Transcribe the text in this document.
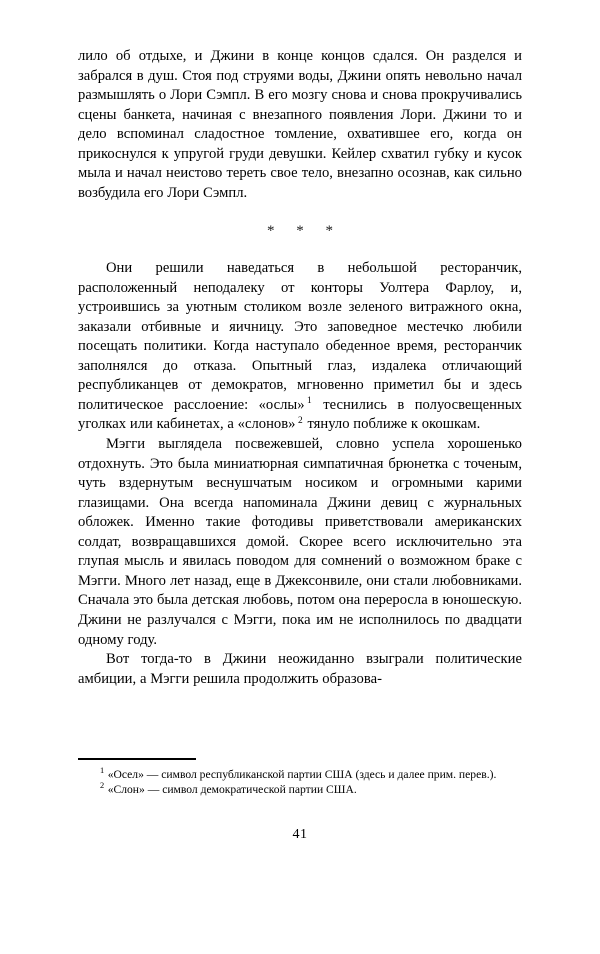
лило об отдыхе, и Джини в конце концов сдался. Он разделся и забрался в душ. Стоя под струями воды, Джини опять невольно начал размышлять о Лори Сэмпл. В его мозгу снова и снова прокручивались сцены банкета, начиная с внезапного появления Лори. Джини то и дело вспоминал сладостное томление, охватившее его, когда он прикоснулся к упругой груди девушки. Кейлер схватил губку и кусок мыла и начал неистово тереть свое тело, внезапно осознав, как сильно возбудила его Лори Сэмпл.

* * *

Они решили наведаться в небольшой ресторанчик, расположенный неподалеку от конторы Уолтера Фарлоу, и, устроившись за уютным столиком возле зеленого витражного окна, заказали отбивные и яичницу. Это заповедное местечко любили посещать политики. Когда наступало обеденное время, ресторанчик заполнялся до отказа. Опытный глаз, издалека отличающий республиканцев от демократов, мгновенно приметил бы и здесь политическое расслоение: «ослы» $^1$ теснились в полуосвещенных уголках или кабинетах, а «слонов» $^2$ тянуло поближе к окошкам.

Мэгги выглядела посвежевшей, словно успела хорошенько отдохнуть. Это была миниатюрная симпатичная брюнетка с точеным, чуть вздернутым веснушчатым носиком и огромными карими глазищами. Она всегда напоминала Джини девиц с журнальных обложек. Именно такие фотодивы приветствовали американских солдат, возвращавшихся домой. Скорее всего исключительно эта глупая мысль и явилась поводом для сомнений о возможном браке с Мэгги. Много лет назад, еще в Джексонвиле, они стали любовниками. Сначала это была детская любовь, потом она переросла в юношескую. Джини не разлучался с Мэгги, пока им не исполнилось по двадцати одному году.

Вот тогда-то в Джини неожиданно взыграли политические амбиции, а Мэгги решила продолжить образова-

$^1$ «Осел» — символ республиканской партии США (здесь и далее прим. перев.).

$^2$ «Слон» — символ демократической партии США.

41
